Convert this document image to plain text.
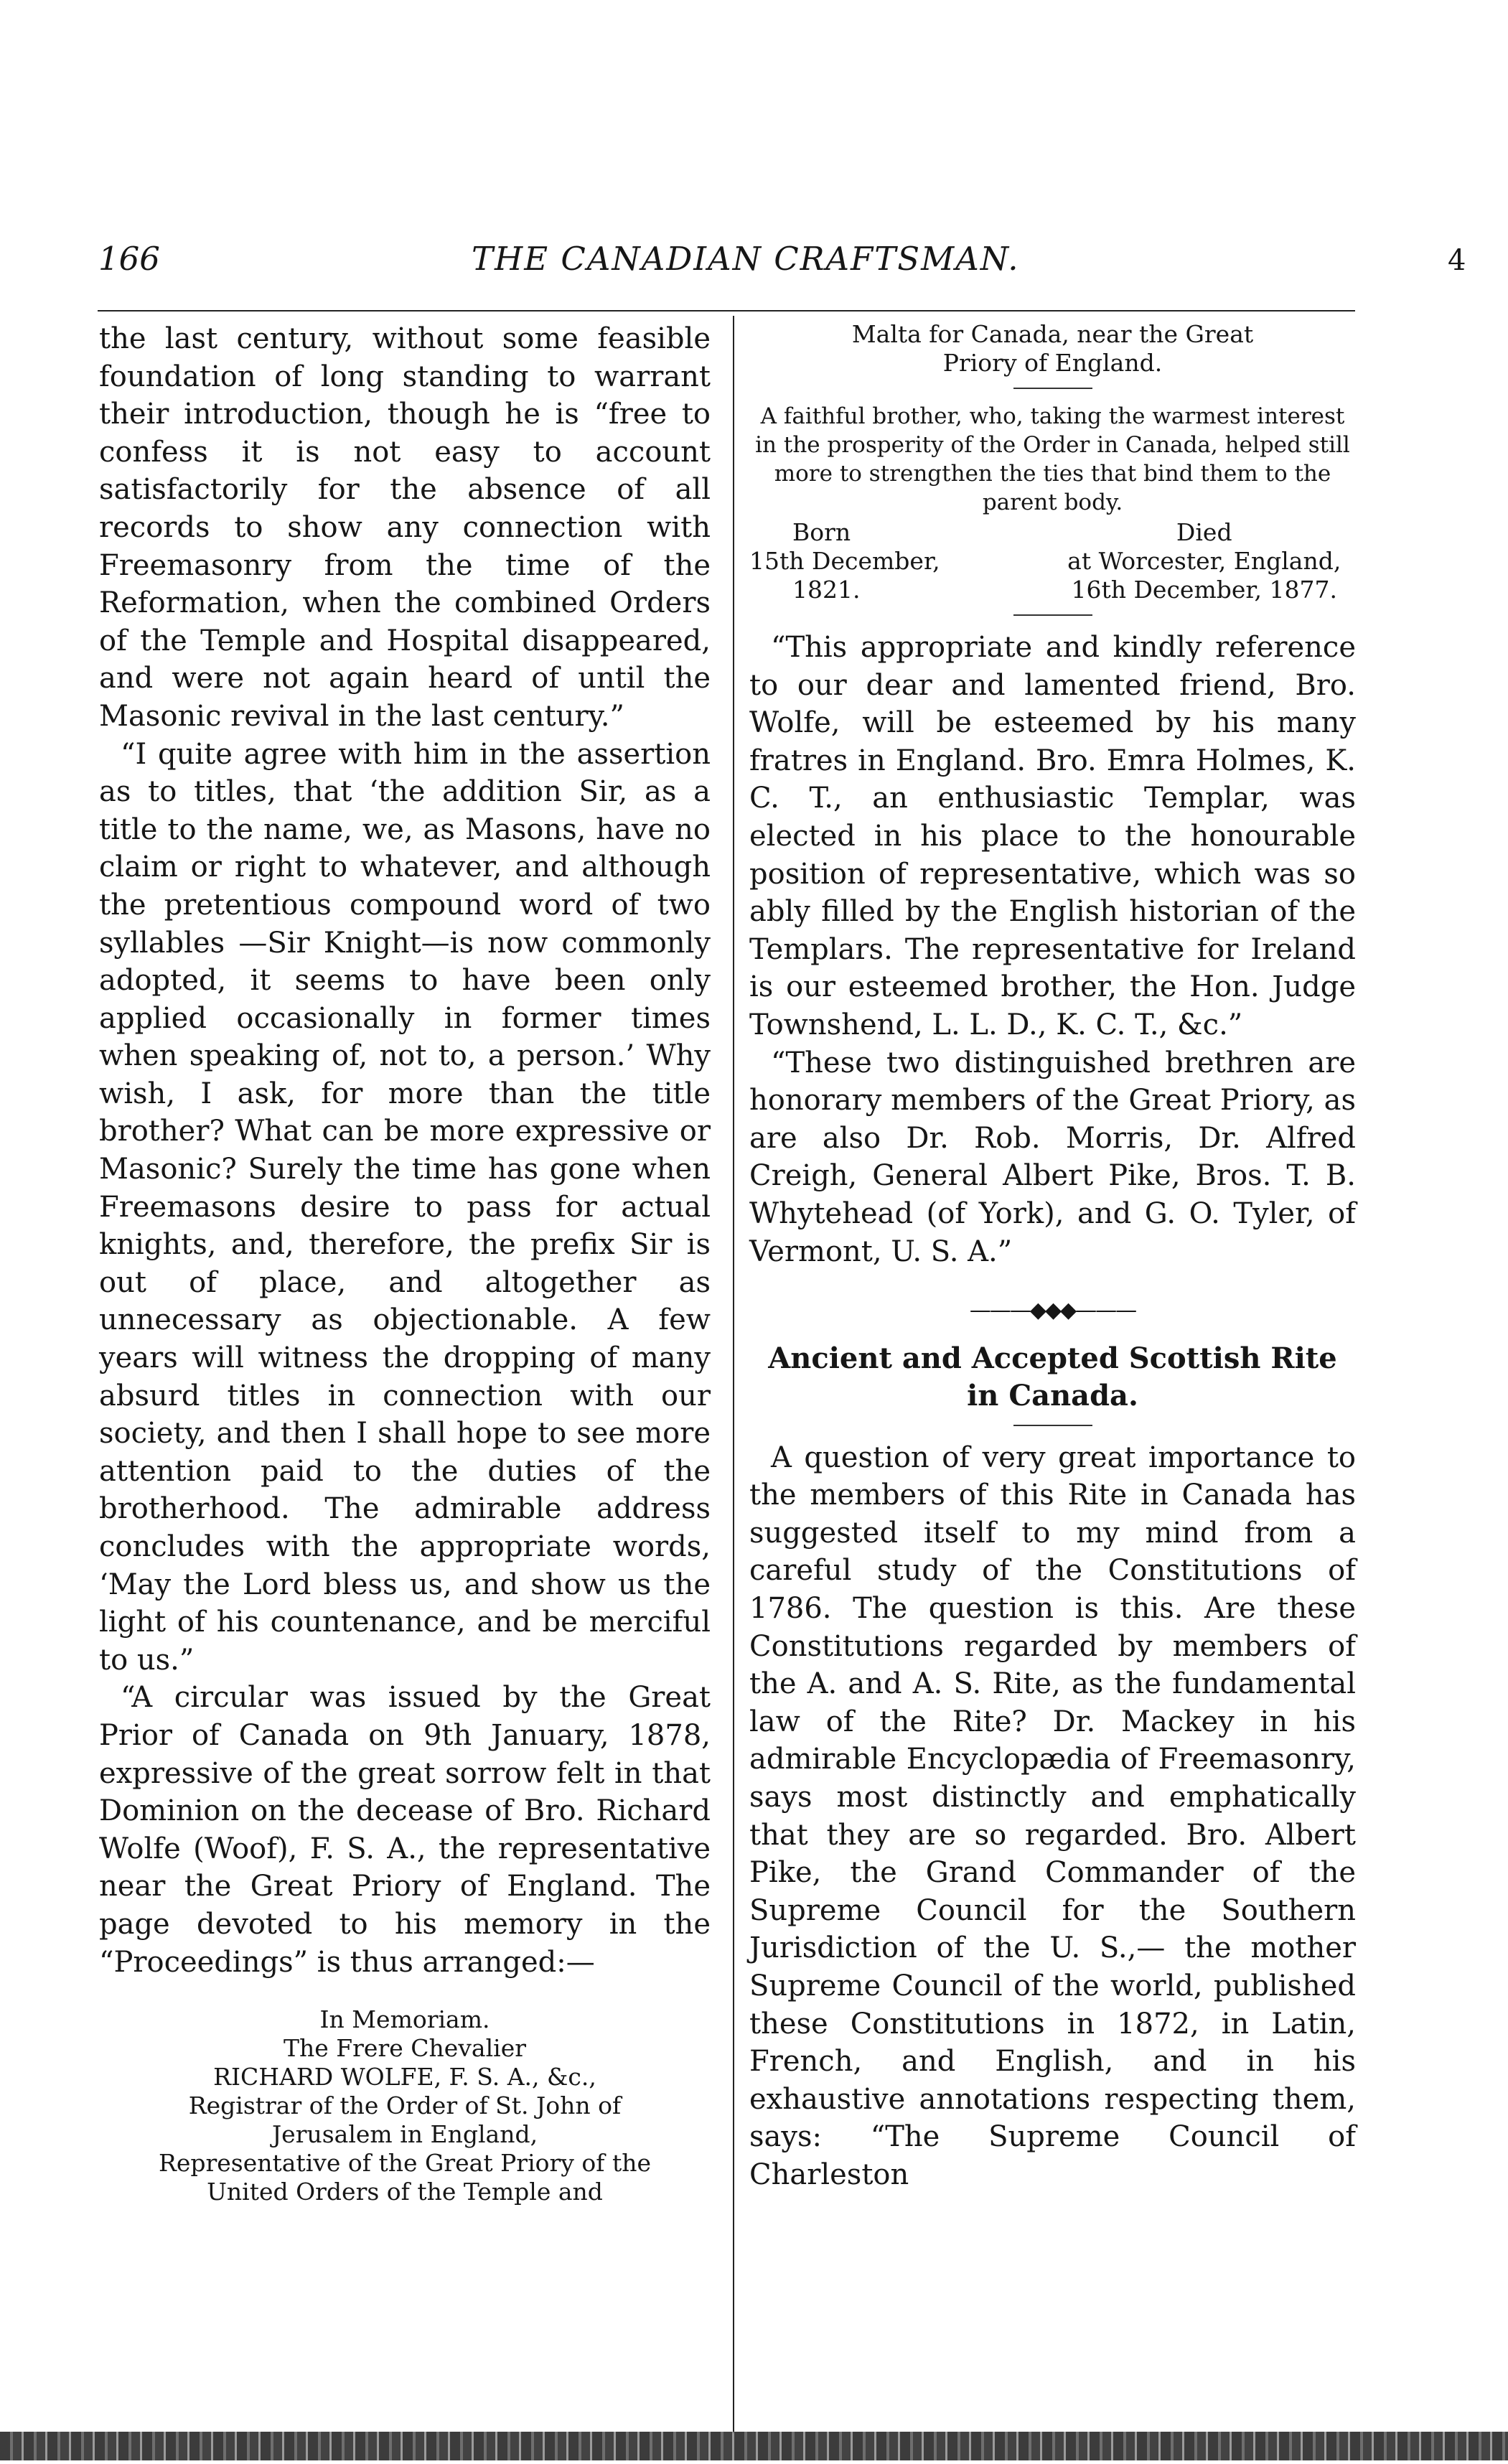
166	THE CANADIAN CRAFTSMAN.	4

the last century, without some feasible foundation of long standing to warrant their introduction, though he is “free to confess it is not easy to account satisfactorily for the absence of all records to show any connection with Freemasonry from the time of the Reformation, when the combined Orders of the Temple and Hospital disappeared, and were not again heard of until the Masonic revival in the last century.”

“I quite agree with him in the assertion as to titles, that ‘the addition Sir, as a title to the name, we, as Masons, have no claim or right to whatever, and although the pretentious compound word of two syllables —Sir Knight—is now commonly adopted, it seems to have been only applied occasionally in former times when speaking of, not to, a person.’ Why wish, I ask, for more than the title brother? What can be more expressive or Masonic? Surely the time has gone when Freemasons desire to pass for actual knights, and, therefore, the prefix Sir is out of place, and altogether as unnecessary as objectionable. A few years will witness the dropping of many absurd titles in connection with our society, and then I shall hope to see more attention paid to the duties of the brotherhood. The admirable address concludes with the appropriate words, ‘May the Lord bless us, and show us the light of his countenance, and be merciful to us.”

“A circular was issued by the Great Prior of Canada on 9th January, 1878, expressive of the great sorrow felt in that Dominion on the decease of Bro. Richard Wolfe (Woof), F. S. A., the representative near the Great Priory of England. The page devoted to his memory in the “Proceedings” is thus arranged:—

In Memoriam.

The Frere Chevalier

RICHARD WOLFE, F. S. A., &c.,

Registrar of the Order of St. John of

Jerusalem in England,

Representative of the Great Priory of the

United Orders of the Temple and

Malta for Canada, near the Great

Priory of England.

A faithful brother, who, taking the warmest interest in the prosperity of the Order in Canada, helped still more to strengthen the ties that bind them to the parent body.

Born	Died
15th December,	at Worcester, England,
1821.	16th December, 1877.

“This appropriate and kindly reference to our dear and lamented friend, Bro. Wolfe, will be esteemed by his many fratres in England. Bro. Emra Holmes, K. C. T., an enthusiastic Templar, was elected in his place to the honourable position of representative, which was so ably filled by the English historian of the Templars. The representative for Ireland is our esteemed brother, the Hon. Judge Townshend, L. L. D., K. C. T., &c.”

“These two distinguished brethren are honorary members of the Great Priory, as are also Dr. Rob. Morris, Dr. Alfred Creigh, General Albert Pike, Bros. T. B. Whytehead (of York), and G. O. Tyler, of Vermont, U. S. A.”

———◆◆◆———

Ancient and Accepted Scottish Rite in Canada.

A question of very great importance to the members of this Rite in Canada has suggested itself to my mind from a careful study of the Constitutions of 1786. The question is this. Are these Constitutions regarded by members of the A. and A. S. Rite, as the fundamental law of the Rite? Dr. Mackey in his admirable Encyclopædia of Freemasonry, says most distinctly and emphatically that they are so regarded. Bro. Albert Pike, the Grand Commander of the Supreme Council for the Southern Jurisdiction of the U. S.,— the mother Supreme Council of the world, published these Constitutions in 1872, in Latin, French, and English, and in his exhaustive annotations respecting them, says: “The Supreme Council of Charleston
